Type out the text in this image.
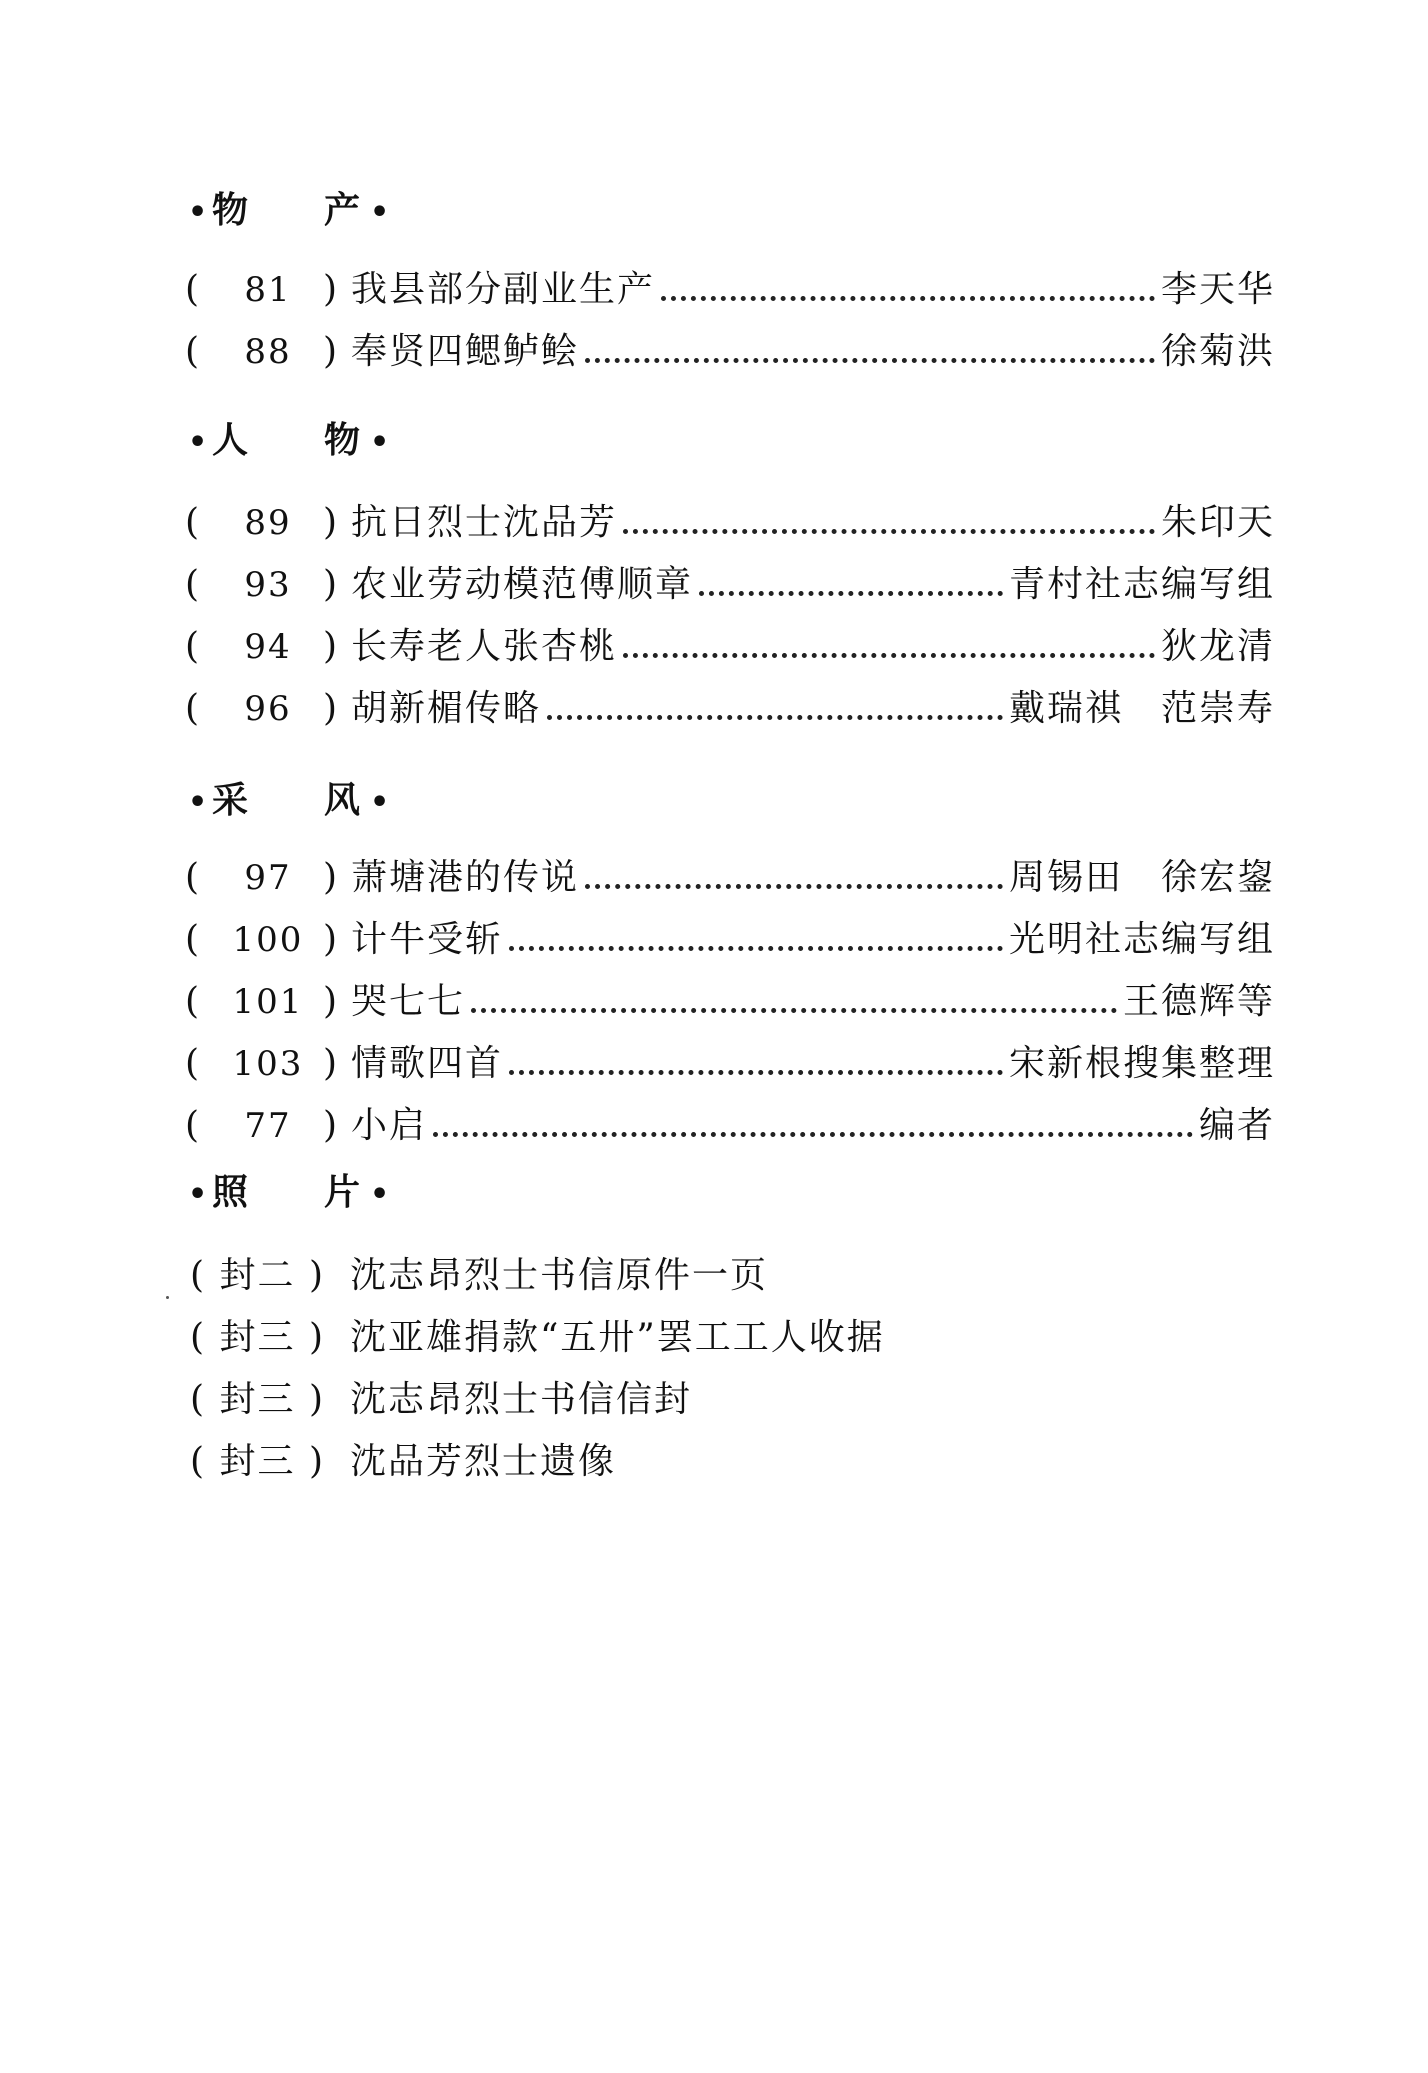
• 物 产 •
(	81 ) 我县部分副业生产	李天华
(	88 ) 奉贤四鳃鲈鲙	徐菊洪
• 人 物 •
(	89 ) 抗日烈士沈品芳	朱印天
(	93 ) 农业劳动模范傅顺章	青村社志编写组
(	94 ) 长寿老人张杏桃	狄龙清
(	96 ) 胡新楣传略	戴瑞祺　范崇寿
• 采 风 •
(	97 ) 萧塘港的传说	周锡田　徐宏鋆
( 100 ) 计牛受斩	光明社志编写组
( 101 ) 哭七七	王德辉等
( 103 ) 情歌四首	宋新根搜集整理
(	77 ) 小启	编者
• 照 片 •
( 封二 ) 沈志昂烈士书信原件一页
( 封三 ) 沈亚雄捐款“五卅”罢工工人收据
( 封三 ) 沈志昂烈士书信信封
( 封三 ) 沈品芳烈士遗像
